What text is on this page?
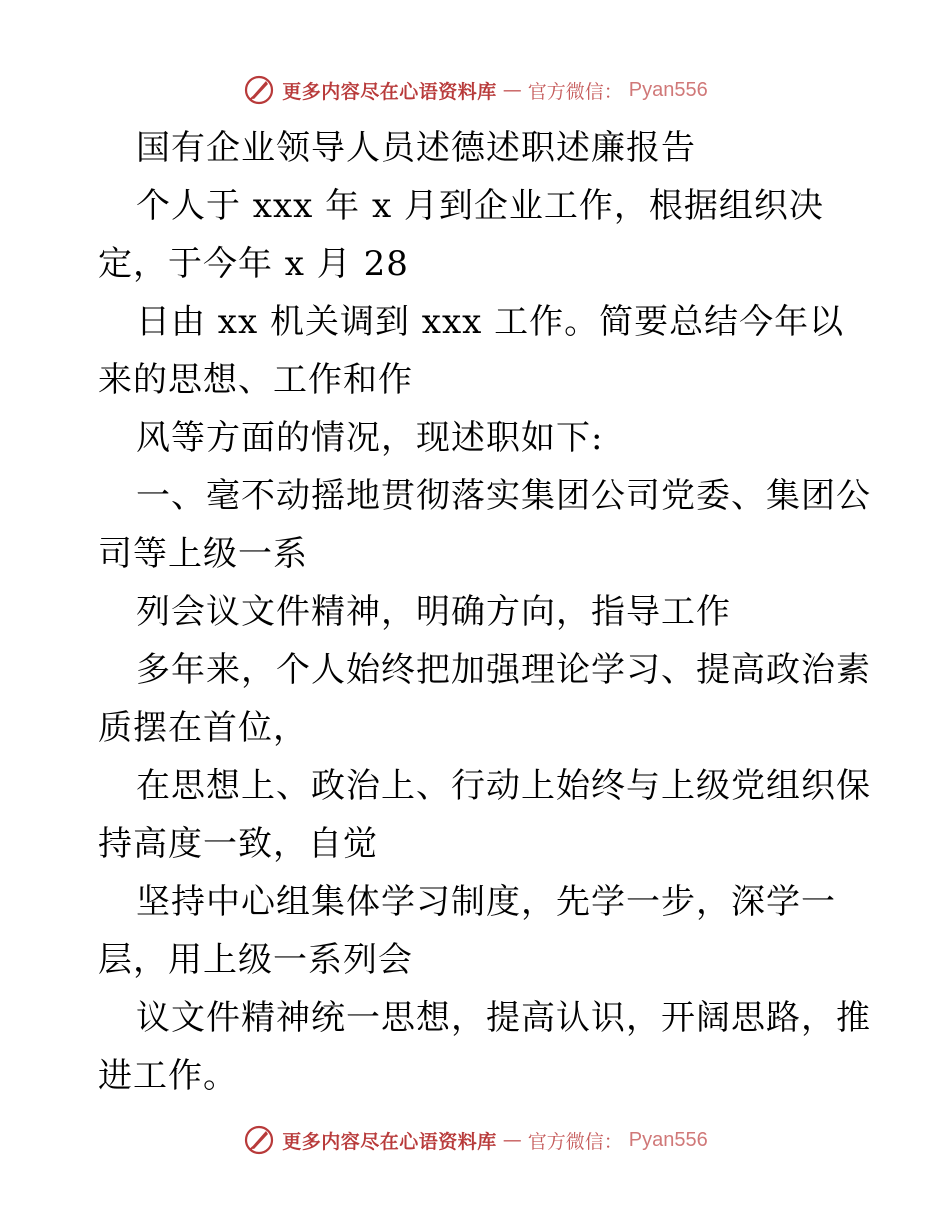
更多内容尽在心语资料库 — 官方微信： Pyan556
国有企业领导人员述德述职述廉报告
个人于 xxx 年 x 月到企业工作，根据组织决
定，于今年 x 月 28
日由 xx 机关调到 xxx 工作。简要总结今年以
来的思想、工作和作
风等方面的情况，现述职如下:
一、毫不动摇地贯彻落实集团公司党委、集团公
司等上级一系
列会议文件精神，明确方向，指导工作
多年来，个人始终把加强理论学习、提高政治素
质摆在首位，
在思想上、政治上、行动上始终与上级党组织保
持高度一致，自觉
坚持中心组集体学习制度，先学一步，深学一
层，用上级一系列会
议文件精神统一思想，提高认识，开阔思路，推
进工作。
更多内容尽在心语资料库 — 官方微信： Pyan556
